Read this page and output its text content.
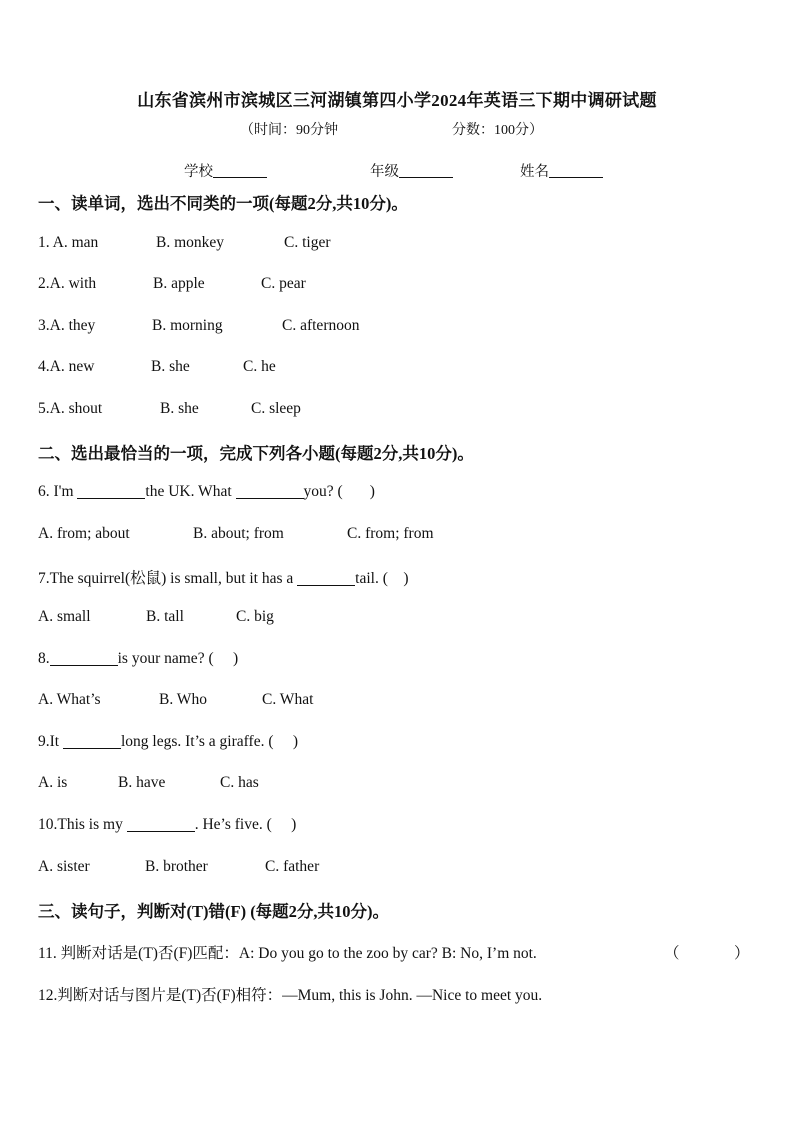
山东省滨州市滨城区三河湖镇第四小学2024年英语三下期中调研试题
（时间：90分钟	分数：100分）
学校	年级	姓名
一、读单词，选出不同类的一项(每题2分,共10分)。
1. A. man	B. monkey	C. tiger
2.A. with	B. apple	C. pear
3.A. they	B. morning	C. afternoon
4.A. new	B. she	C. he
5.A. shout	B. she	C. sleep
二、选出最恰当的一项，完成下列各小题(每题2分,共10分)。
6. I'm	the UK. What	you? ( )
A. from; about	B. about; from	C. from; from
7.The squirrel(松鼠) is small, but it has a	tail. ( )
A. small	B. tall	C. big
8.	is your name? ( )
A. What’s	B. Who	C. What
9.It	long legs. It’s a giraffe. ( )
A. is	B. have	C. has
10.This is my	. He’s five. ( )
A. sister	B. brother	C. father
三、读句子，判断对(T)错(F) (每题2分,共10分)。
11. 判断对话是(T)否(F)匹配：A: Do you go to the zoo by car? B: No, I’m not.	（	）
12.判断对话与图片是(T)否(F)相符：—Mum, this is John. —Nice to meet you.
